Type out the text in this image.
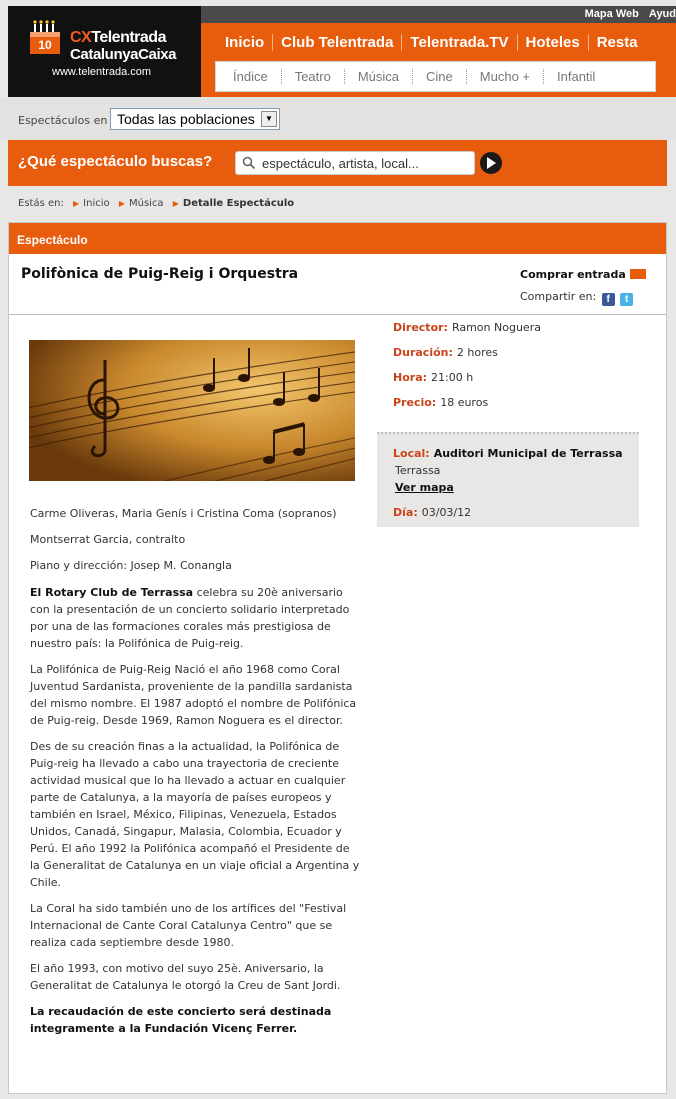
10 CXTelentrada
CatalunyaCaixa
www.telentrada.com
Mapa Web Ayud
Inicio Club Telentrada Telentrada.TV Hoteles Resta
Índice Teatro Música Cine Mucho + Infantil
Espectáculos en Todas las poblaciones	▼
¿Qué espectáculo buscas?	espectáculo, artista, local...
Estás en: ▶ Inicio ▶ Música ▶ Detalle Espectáculo
Espectáculo
Polifònica de Puig-Reig i Orquestra	Comprar entrada
Compartir en: f t

Carme Oliveras, Maria Genís i Cristina Coma (sopranos)

Montserrat Garcia, contralto

Piano y dirección: Josep M. Conangla

El Rotary Club de Terrassa celebra su 20è aniversario con la presentación de un concierto solidario interpretado por una de las formaciones corales más prestigiosa de nuestro país: la Polifónica de Puig-reig.

La Polifónica de Puig-Reig Nació el año 1968 como Coral Juventud Sardanista, proveniente de la pandilla sardanista del mismo nombre. El 1987 adoptó el nombre de Polifónica de Puig-reig. Desde 1969, Ramon Noguera es el director.

Des de su creación finas a la actualidad, la Polifónica de Puig-reig ha llevado a cabo una trayectoria de creciente actividad musical que lo ha llevado a actuar en cualquier parte de Catalunya, a la mayoría de países europeos y también en Israel, México, Filipinas, Venezuela, Estados Unidos, Canadá, Singapur, Malasia, Colombia, Ecuador y Perú. El año 1992 la Polifónica acompañó el Presidente de la Generalitat de Catalunya en un viaje oficial a Argentina y Chile.

La Coral ha sido también uno de los artífices del "Festival Internacional de Cante Coral Catalunya Centro" que se realiza cada septiembre desde 1980.

El año 1993, con motivo del suyo 25è. Aniversario, la Generalitat de Catalunya le otorgó la Creu de Sant Jordi.

La recaudación de este concierto será destinada integramente a la Fundación Vicenç Ferrer.

Director: Ramon Noguera
Duración: 2 hores
Hora: 21:00 h
Precio: 18 euros
Local: Auditori Municipal de Terrassa
Terrassa
Ver mapa
Día: 03/03/12
